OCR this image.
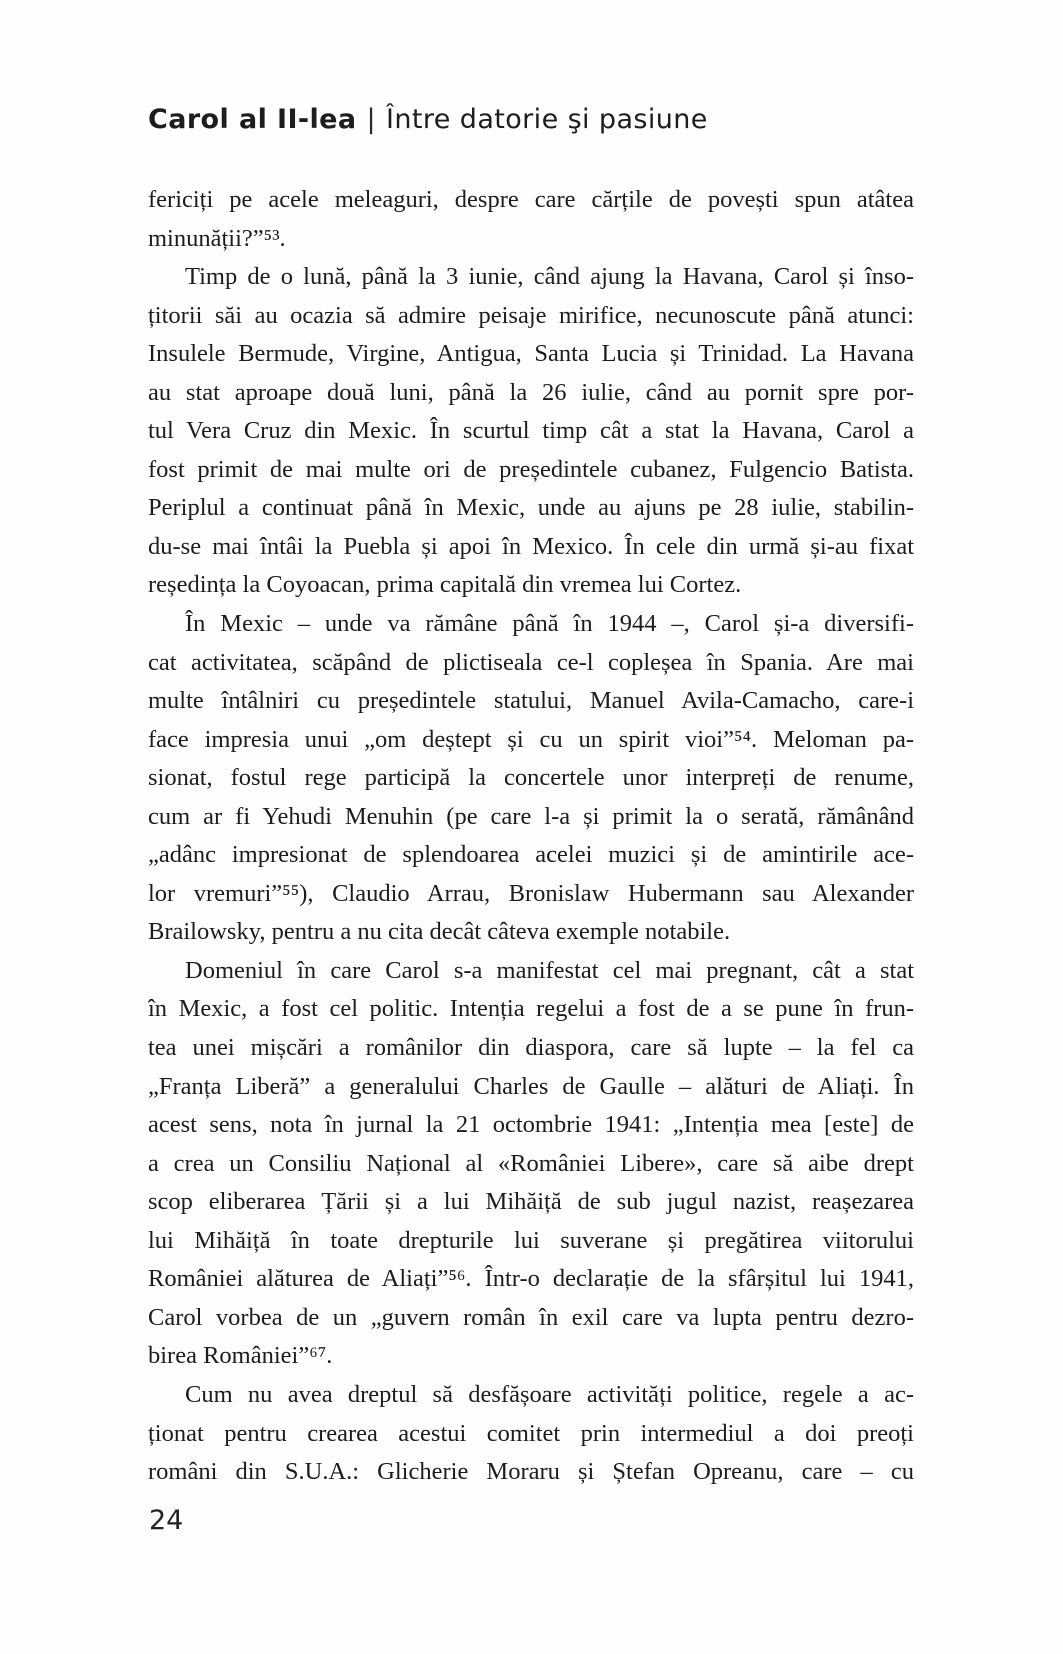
Carol al II-lea | Între datorie şi pasiune
fericiți pe acele meleaguri, despre care cărțile de povești spun atâtea
minunății?”⁵³.
Timp de o lună, până la 3 iunie, când ajung la Havana, Carol și înso-
țitorii săi au ocazia să admire peisaje mirifice, necunoscute până atunci:
Insulele Bermude, Virgine, Antigua, Santa Lucia și Trinidad. La Havana
au stat aproape două luni, până la 26 iulie, când au pornit spre por-
tul Vera Cruz din Mexic. În scurtul timp cât a stat la Havana, Carol a
fost primit de mai multe ori de președintele cubanez, Fulgencio Batista.
Periplul a continuat până în Mexic, unde au ajuns pe 28 iulie, stabilin-
du-se mai întâi la Puebla și apoi în Mexico. În cele din urmă și-au fixat
reședința la Coyoacan, prima capitală din vremea lui Cortez.
În Mexic – unde va rămâne până în 1944 –, Carol și-a diversifi-
cat activitatea, scăpând de plictiseala ce-l copleșea în Spania. Are mai
multe întâlniri cu președintele statului, Manuel Avila-Camacho, care-i
face impresia unui „om deștept și cu un spirit vioi”⁵⁴. Meloman pa-
sionat, fostul rege participă la concertele unor interpreți de renume,
cum ar fi Yehudi Menuhin (pe care l-a și primit la o serată, rămânând
„adânc impresionat de splendoarea acelei muzici și de amintirile ace-
lor vremuri”⁵⁵), Claudio Arrau, Bronislaw Hubermann sau Alexander
Brailowsky, pentru a nu cita decât câteva exemple notabile.
Domeniul în care Carol s-a manifestat cel mai pregnant, cât a stat
în Mexic, a fost cel politic. Intenția regelui a fost de a se pune în frun-
tea unei mișcări a românilor din diaspora, care să lupte – la fel ca
„Franța Liberă” a generalului Charles de Gaulle – alături de Aliați. În
acest sens, nota în jurnal la 21 octombrie 1941: „Intenția mea [este] de
a crea un Consiliu Național al «României Libere», care să aibe drept
scop eliberarea Țării și a lui Mihăiță de sub jugul nazist, reașezarea
lui Mihăiță în toate drepturile lui suverane și pregătirea viitorului
României alăturea de Aliați”⁵⁶. Într-o declarație de la sfârșitul lui 1941,
Carol vorbea de un „guvern român în exil care va lupta pentru dezro-
birea României”⁶⁷.
Cum nu avea dreptul să desfășoare activități politice, regele a ac-
ționat pentru crearea acestui comitet prin intermediul a doi preoți
români din S.U.A.: Glicherie Moraru și Ștefan Opreanu, care – cu
24
